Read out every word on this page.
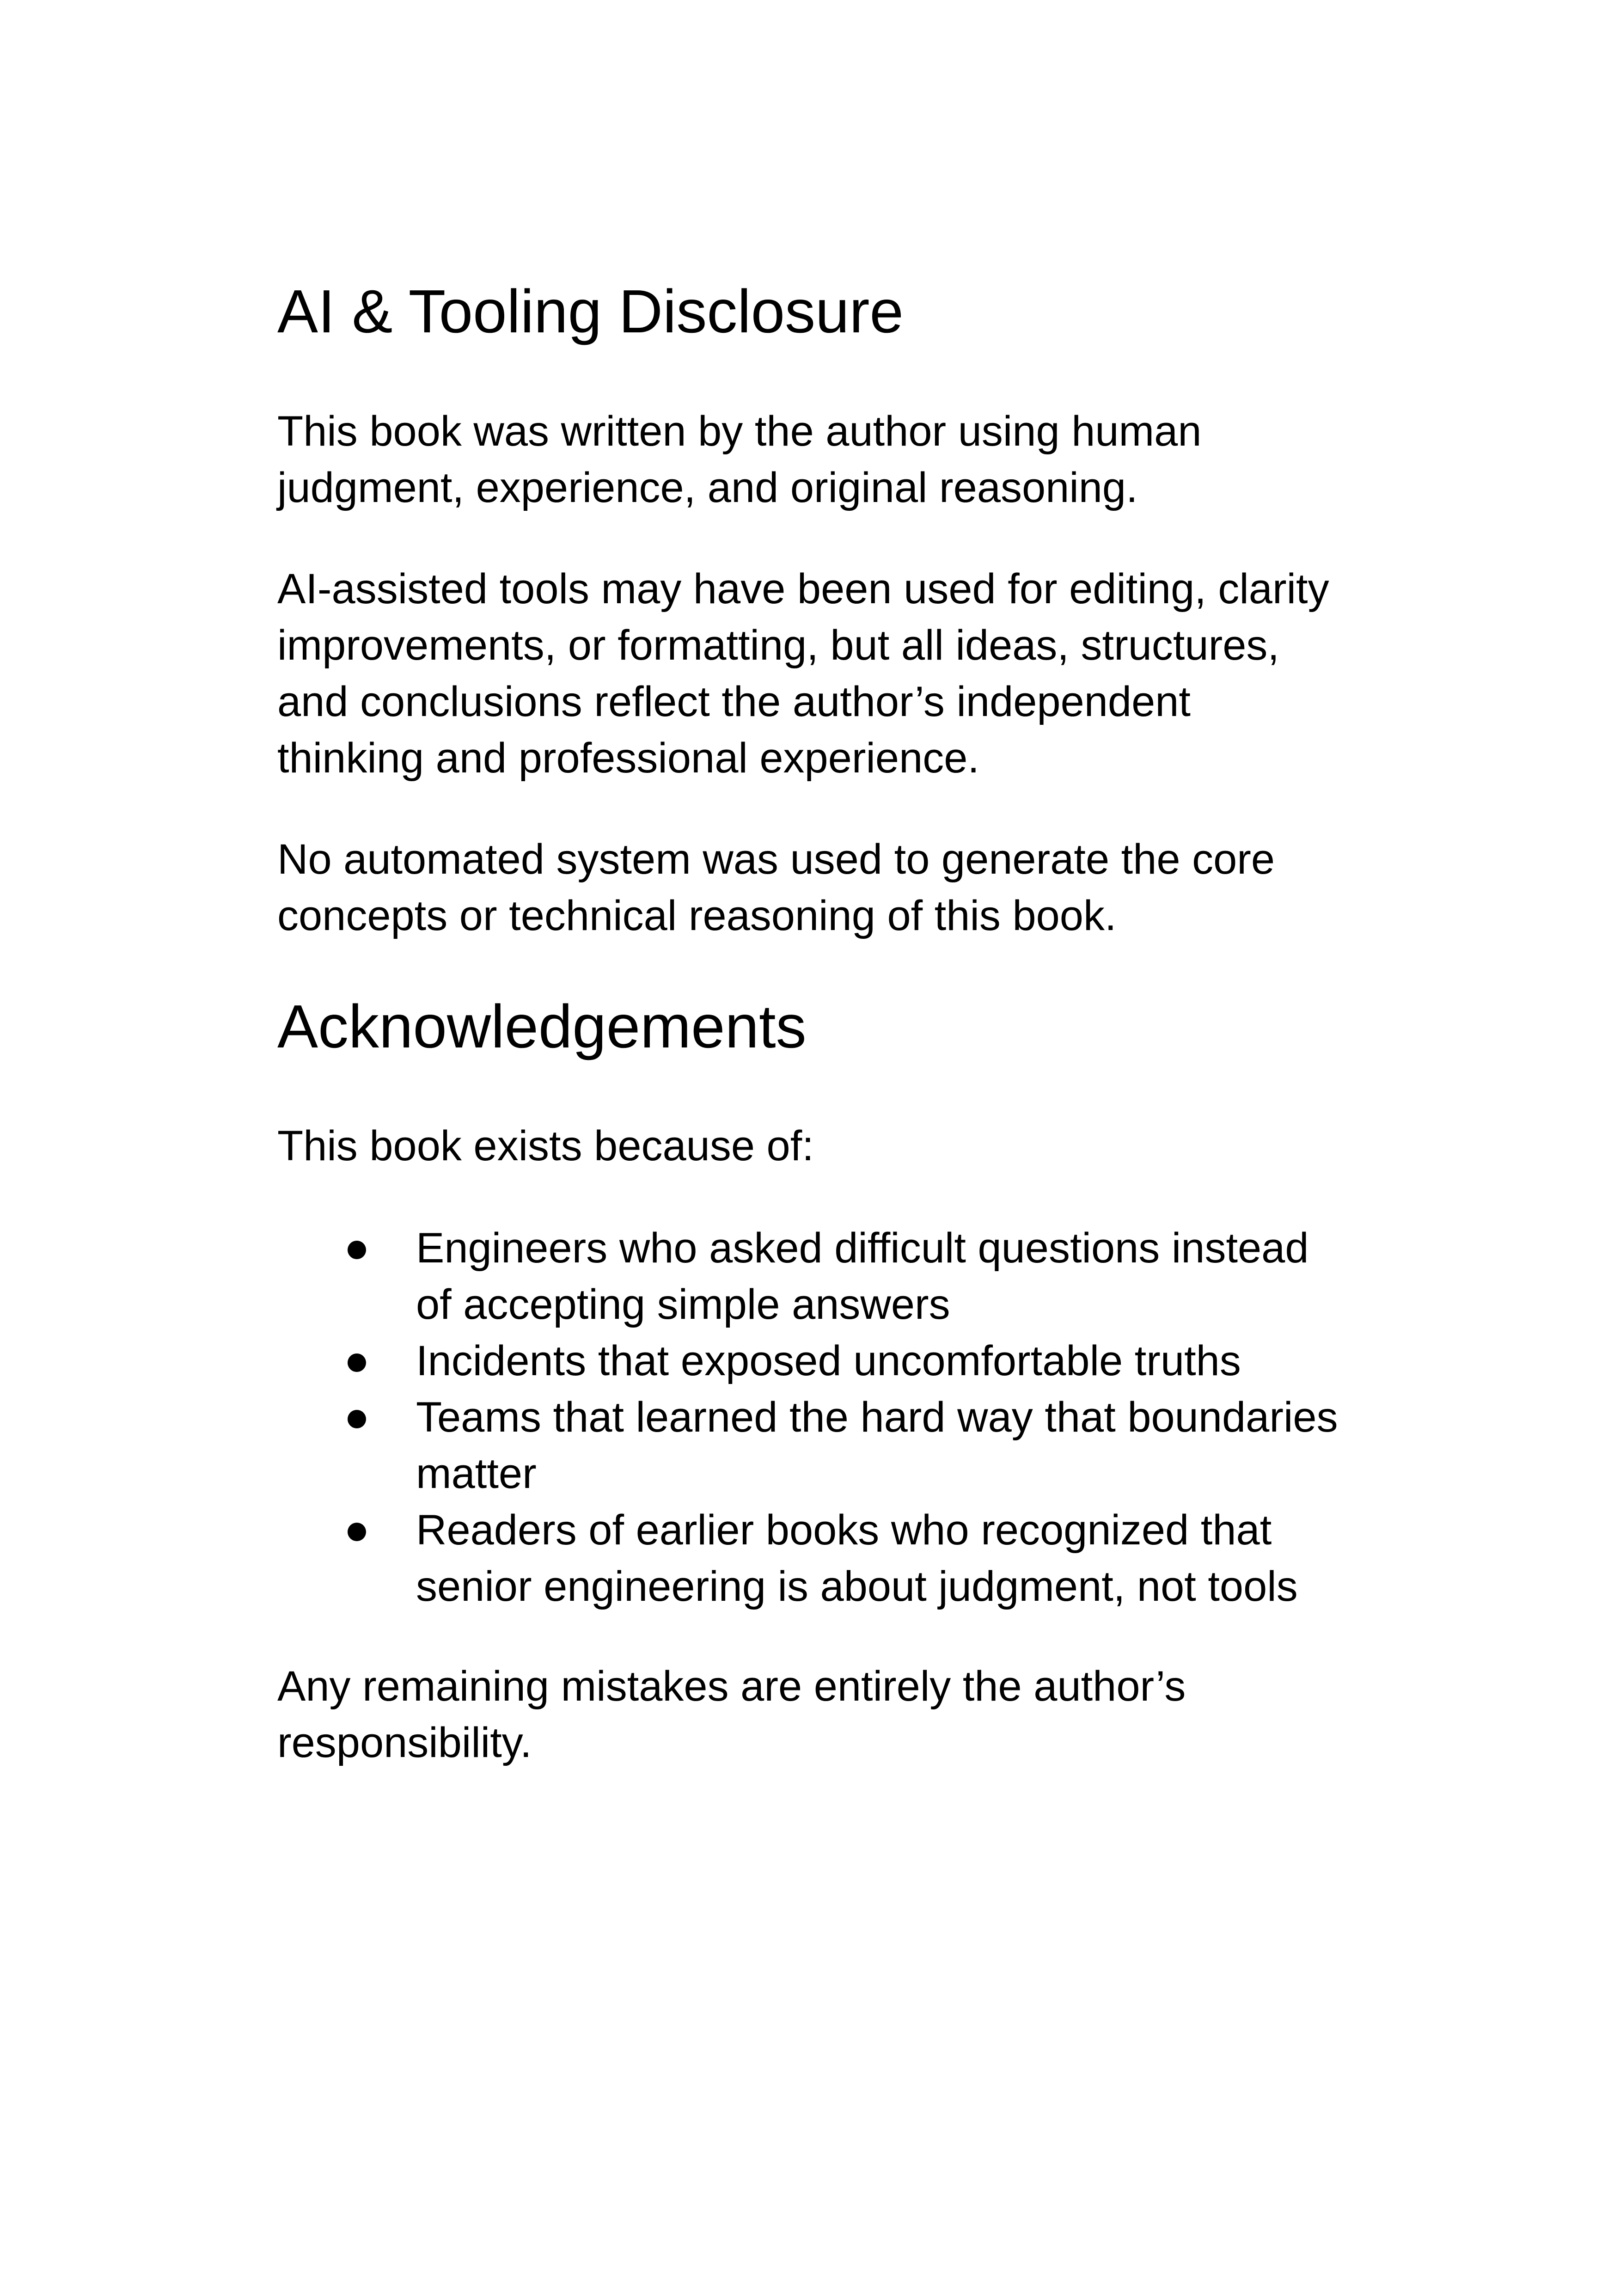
AI & Tooling Disclosure

This book was written by the author using human
judgment, experience, and original reasoning.

AI-assisted tools may have been used for editing, clarity
improvements, or formatting, but all ideas, structures,
and conclusions reflect the author’s independent
thinking and professional experience.

No automated system was used to generate the core
concepts or technical reasoning of this book.

Acknowledgements

This book exists because of:

Engineers who asked difficult questions instead
of accepting simple answers
Incidents that exposed uncomfortable truths
Teams that learned the hard way that boundaries
matter
Readers of earlier books who recognized that
senior engineering is about judgment, not tools

Any remaining mistakes are entirely the author’s
responsibility.
